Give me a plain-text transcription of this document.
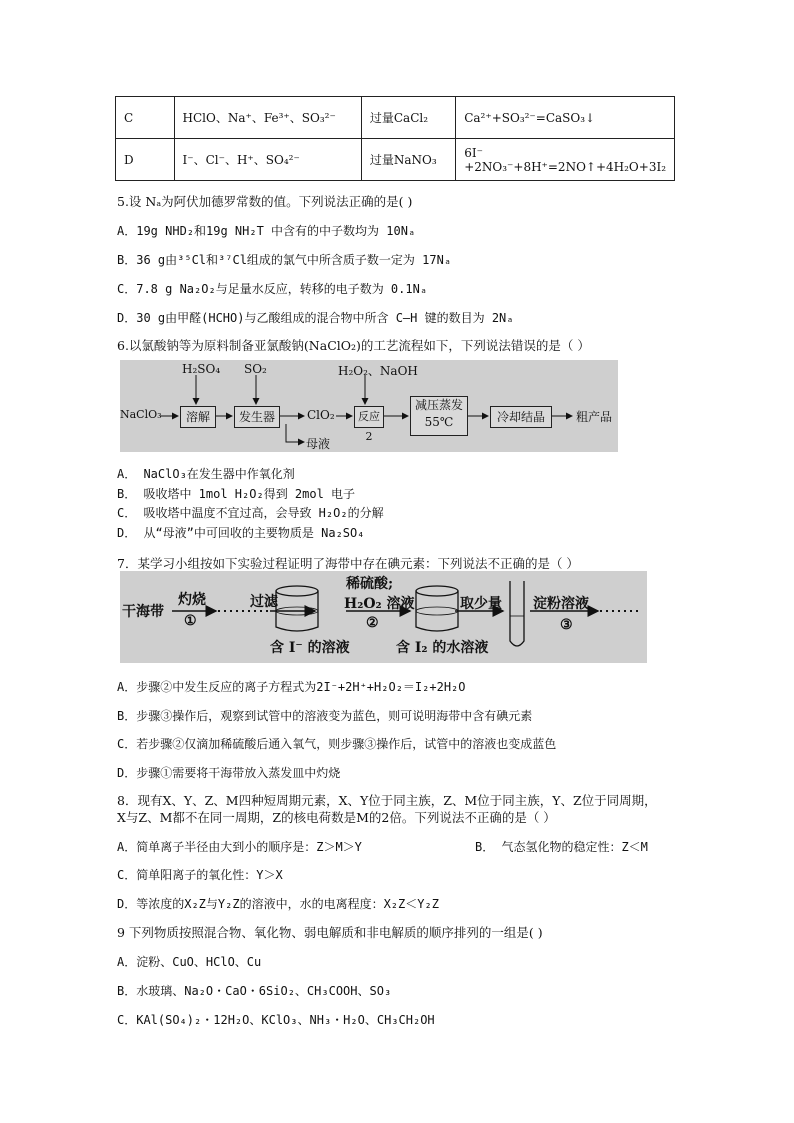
C	HClO、Na⁺、Fe³⁺、SO₃²⁻	过量CaCl₂	Ca²⁺+SO₃²⁻=CaSO₃↓
D	I⁻、Cl⁻、H⁺、SO₄²⁻	过量NaNO₃	6I⁻ +2NO₃⁻+8H⁺=2NO↑+4H₂O+3I₂
5.设 Nₐ为阿伏加德罗常数的值。下列说法正确的是( )
A．19g NHD₂和19g NH₂T 中含有的中子数均为 10Nₐ
B．36 g由³⁵Cl和³⁷Cl组成的氯气中所含质子数一定为 17Nₐ
C．7.8 g Na₂O₂与足量水反应，转移的电子数为 0.1Nₐ
D．30 g由甲醛(HCHO)与乙酸组成的混合物中所含 C—H 键的数目为 2Nₐ
6.以氯酸钠等为原料制备亚氯酸钠(NaClO₂)的工艺流程如下，下列说法错误的是（ ）
NaClO₃
H₂SO₄ SO₂	H₂O₂、NaOH
溶解	发生器	ClO₂	反应 2
减压蒸发
55℃	冷却结晶	粗产品
母液
A． NaClO₃在发生器中作氧化剂
B． 吸收塔中 1mol H₂O₂得到 2mol 电子
C． 吸收塔中温度不宜过高，会导致 H₂O₂的分解
D． 从“母液”中可回收的主要物质是 Na₂SO₄
7．某学习小组按如下实验过程证明了海带中存在碘元素：下列说法不正确的是（ ）
干海带
灼烧
①
过滤
稀硫酸;
H₂O₂ 溶液
②
取少量 淀粉溶液
③
含 I⁻ 的溶液	含 I₂ 的水溶液
A．步骤②中发生反应的离子方程式为2I⁻+2H⁺+H₂O₂＝I₂+2H₂O
B．步骤③操作后，观察到试管中的溶液变为蓝色，则可说明海带中含有碘元素
C．若步骤②仅滴加稀硫酸后通入氧气，则步骤③操作后，试管中的溶液也变成蓝色
D．步骤①需要将干海带放入蒸发皿中灼烧
8．现有X、Y、Z、M四种短周期元素，X、Y位于同主族，Z、M位于同主族，Y、Z位于同周期，
X与Z、M都不在同一周期，Z的核电荷数是M的2倍。下列说法不正确的是（ ）
A．简单离子半径由大到小的顺序是：Z＞M＞Y	B． 气态氢化物的稳定性：Z＜M
C．简单阳离子的氧化性：Y＞X
D．等浓度的X₂Z与Y₂Z的溶液中，水的电离程度：X₂Z＜Y₂Z
9 下列物质按照混合物、氧化物、弱电解质和非电解质的顺序排列的一组是( )
A．淀粉、CuO、HClO、Cu
B．水玻璃、Na₂O・CaO・6SiO₂、CH₃COOH、SO₃
C．KAl(SO₄)₂・12H₂O、KClO₃、NH₃・H₂O、CH₃CH₂OH
